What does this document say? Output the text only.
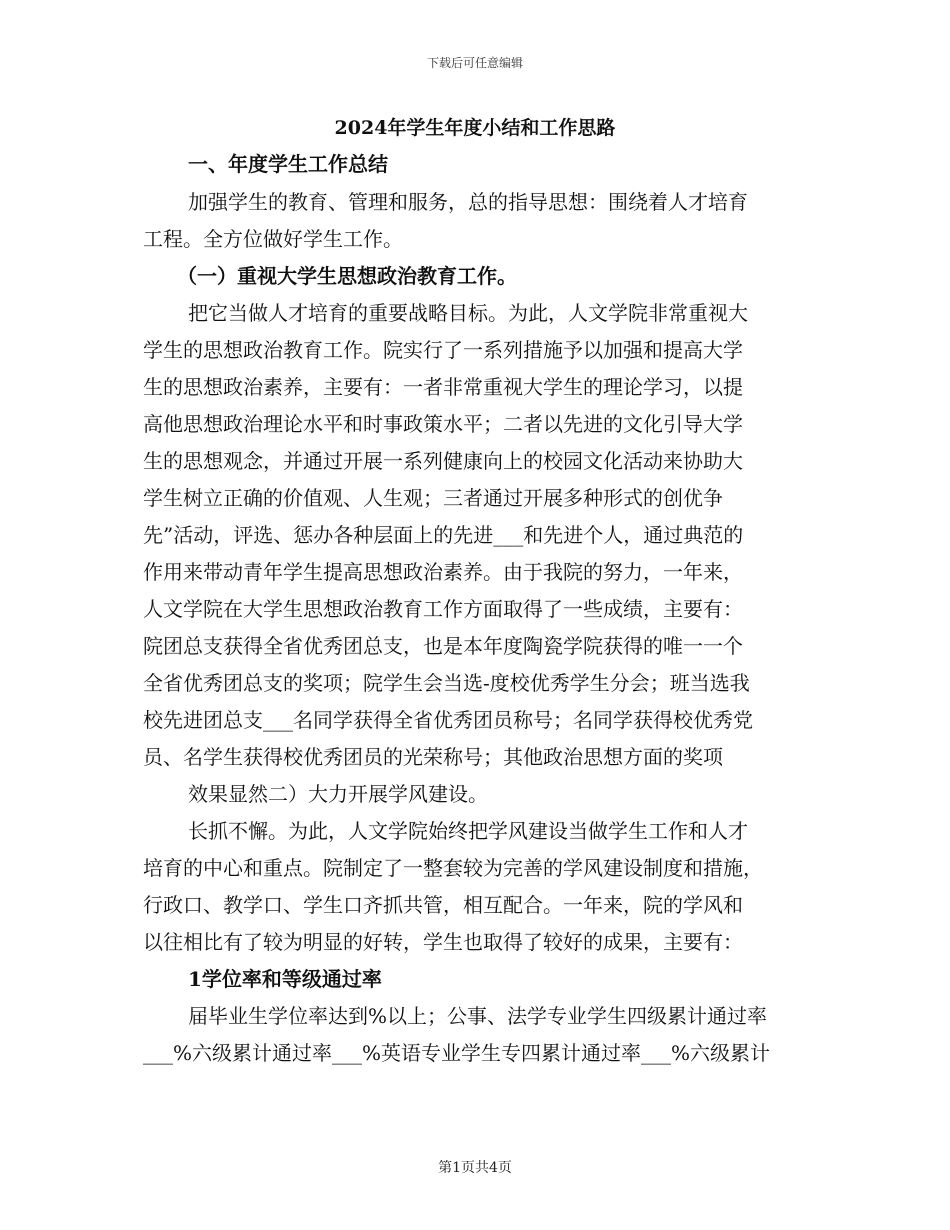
下载后可任意编辑
2024年学生年度小结和工作思路
一、年度学生工作总结
加强学生的教育、管理和服务，总的指导思想：围绕着人才培育
工程。全方位做好学生工作。
（一）重视大学生思想政治教育工作。
把它当做人才培育的重要战略目标。为此，人文学院非常重视大
学生的思想政治教育工作。院实行了一系列措施予以加强和提高大学
生的思想政治素养，主要有：一者非常重视大学生的理论学习，以提
高他思想政治理论水平和时事政策水平；二者以先进的文化引导大学
生的思想观念，并通过开展一系列健康向上的校园文化活动来协助大
学生树立正确的价值观、人生观；三者通过开展多种形式的创优争
先”活动，评选、惩办各种层面上的先进___和先进个人，通过典范的
作用来带动青年学生提高思想政治素养。由于我院的努力，一年来，
人文学院在大学生思想政治教育工作方面取得了一些成绩，主要有：
院团总支获得全省优秀团总支，也是本年度陶瓷学院获得的唯一一个
全省优秀团总支的奖项；院学生会当选-度校优秀学生分会；班当选我
校先进团总支___名同学获得全省优秀团员称号；名同学获得校优秀党
员、名学生获得校优秀团员的光荣称号；其他政治思想方面的奖项
效果显然二）大力开展学风建设。
长抓不懈。为此，人文学院始终把学风建设当做学生工作和人才
培育的中心和重点。院制定了一整套较为完善的学风建设制度和措施，
行政口、教学口、学生口齐抓共管，相互配合。一年来，院的学风和
以往相比有了较为明显的好转，学生也取得了较好的成果，主要有：
1学位率和等级通过率
届毕业生学位率达到%以上；公事、法学专业学生四级累计通过率
___%六级累计通过率___%英语专业学生专四累计通过率___%六级累计
第1页共4页
